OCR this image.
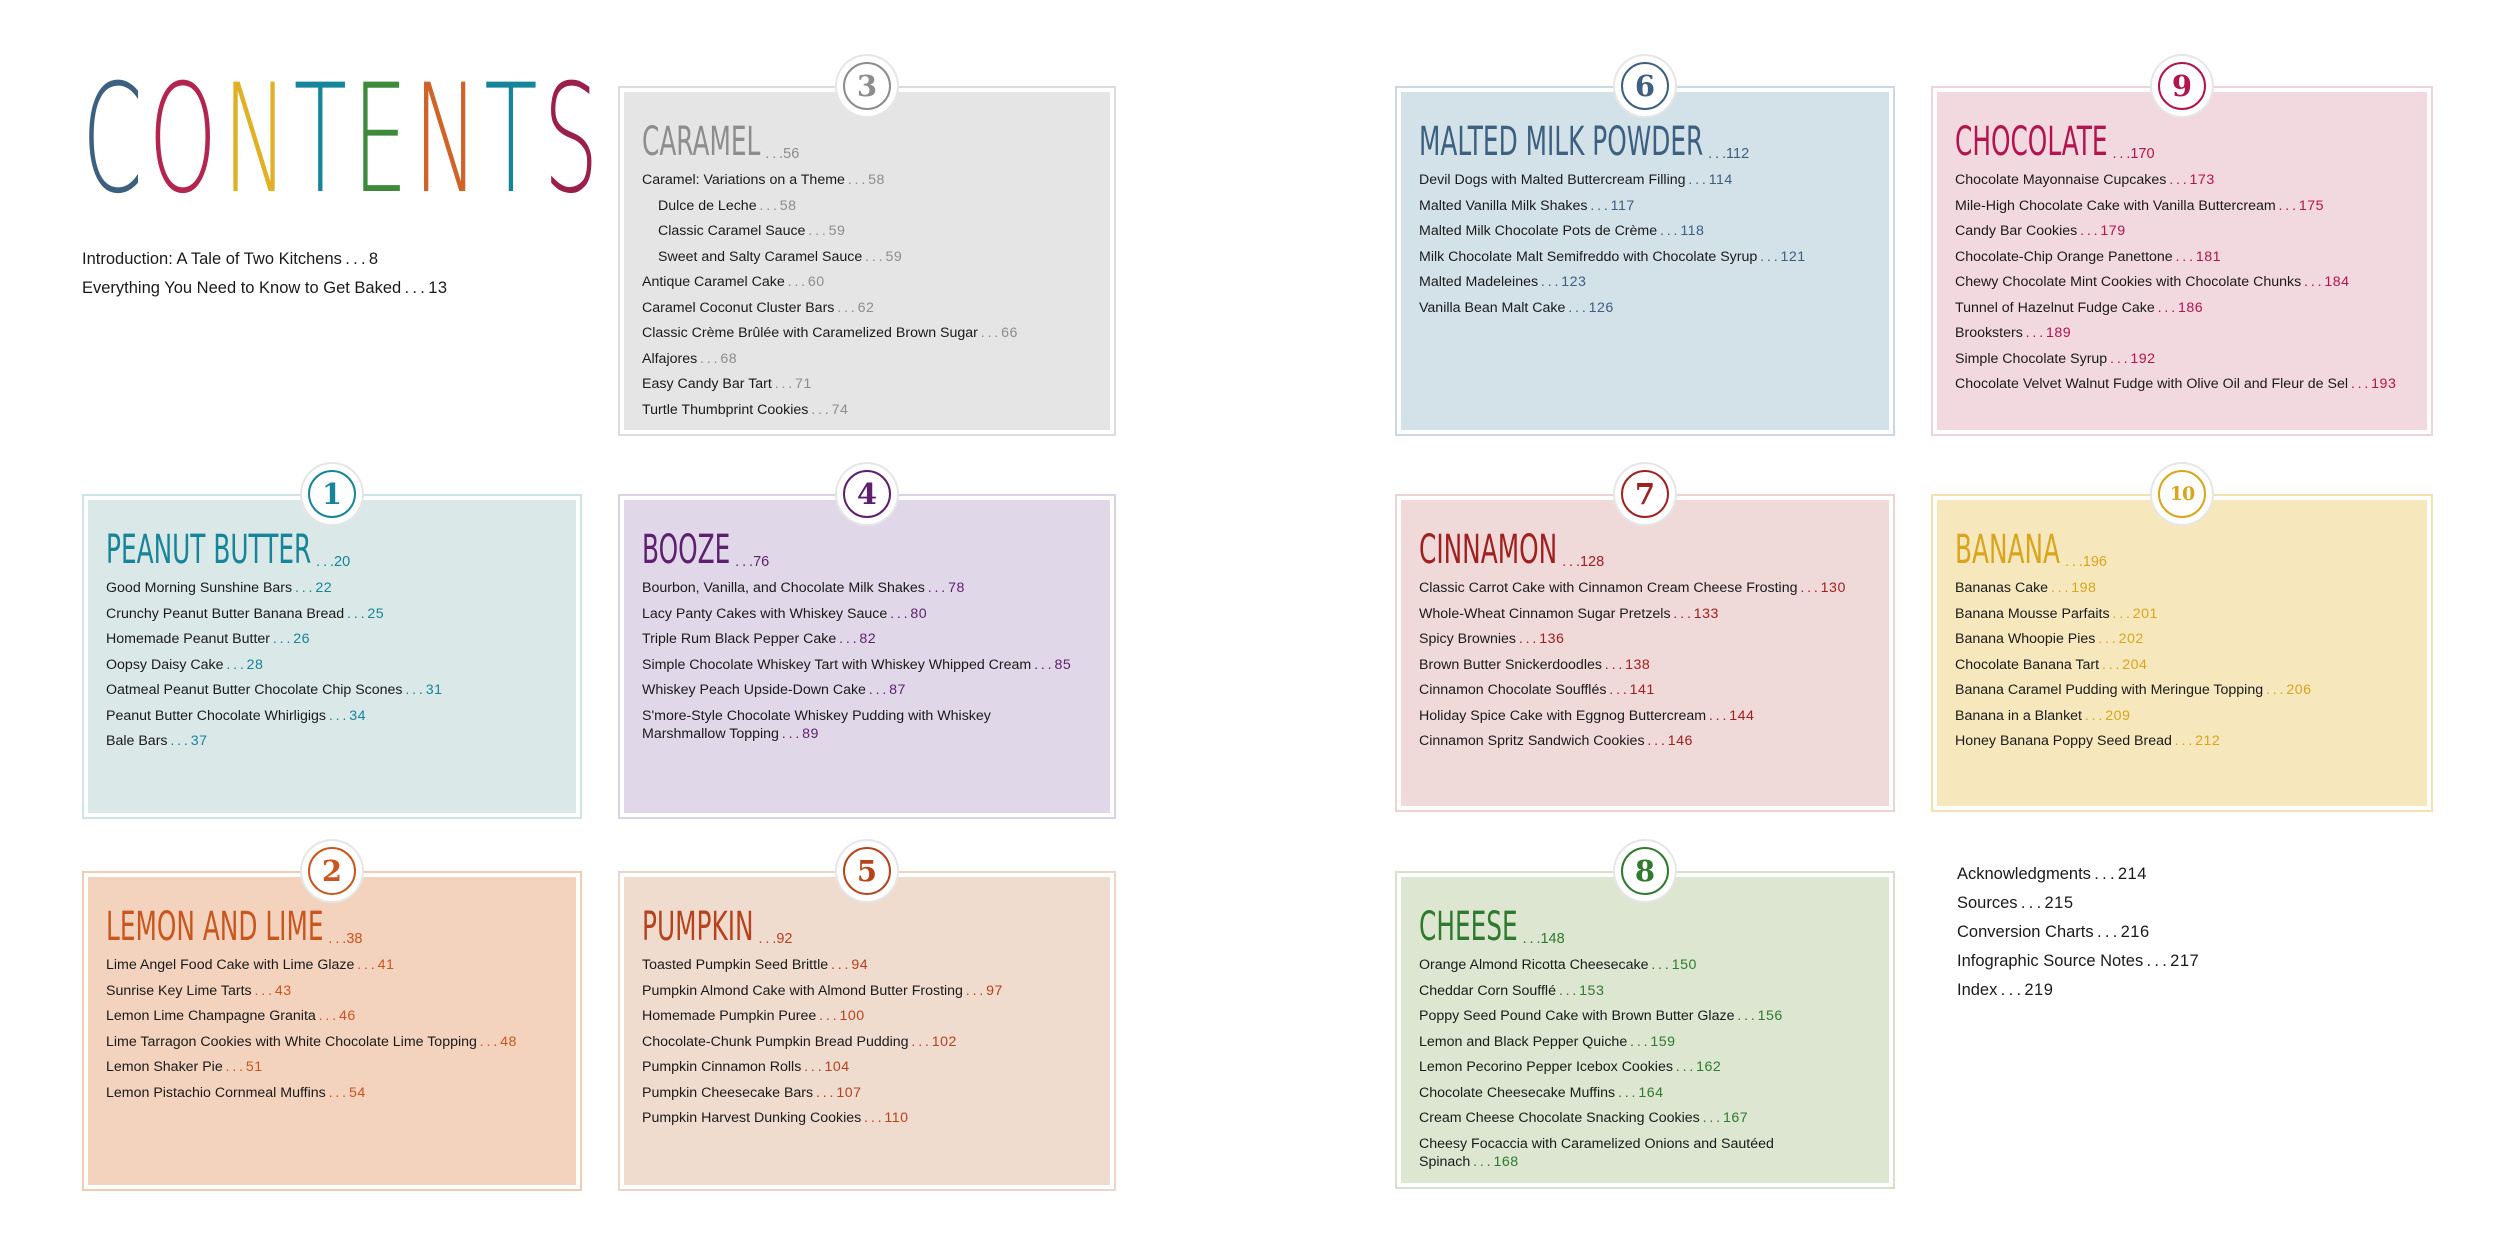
CONTENTS
Introduction: A Tale of Two Kitchens . . . 8
Everything You Need to Know to Get Baked . . . 13
3
CARAMEL  . . .56
Caramel: Variations on a Theme . . . 58
Dulce de Leche . . . 58
Classic Caramel Sauce . . . 59
Sweet and Salty Caramel Sauce . . . 59
Antique Caramel Cake . . . 60
Caramel Coconut Cluster Bars . . . 62
Classic Crème Brûlée with Caramelized Brown Sugar . . . 66
Alfajores . . . 68
Easy Candy Bar Tart . . . 71
Turtle Thumbprint Cookies . . . 74
6
MALTED MILK POWDER  . . .112
Devil Dogs with Malted Buttercream Filling . . . 114
Malted Vanilla Milk Shakes . . . 117
Malted Milk Chocolate Pots de Crème . . . 118
Milk Chocolate Malt Semifreddo with Chocolate Syrup . . . 121
Malted Madeleines . . . 123
Vanilla Bean Malt Cake . . . 126
9
CHOCOLATE  . . .170
Chocolate Mayonnaise Cupcakes . . . 173
Mile-High Chocolate Cake with Vanilla Buttercream . . . 175
Candy Bar Cookies . . . 179
Chocolate-Chip Orange Panettone . . . 181
Chewy Chocolate Mint Cookies with Chocolate Chunks . . . 184
Tunnel of Hazelnut Fudge Cake . . . 186
Brooksters . . . 189
Simple Chocolate Syrup . . . 192
Chocolate Velvet Walnut Fudge with Olive Oil and Fleur de Sel . . . 193
1
PEANUT BUTTER  . . .20
Good Morning Sunshine Bars . . . 22
Crunchy Peanut Butter Banana Bread . . . 25
Homemade Peanut Butter . . . 26
Oopsy Daisy Cake . . . 28
Oatmeal Peanut Butter Chocolate Chip Scones . . . 31
Peanut Butter Chocolate Whirligigs . . . 34
Bale Bars . . . 37
4
BOOZE  . . .76
Bourbon, Vanilla, and Chocolate Milk Shakes . . . 78
Lacy Panty Cakes with Whiskey Sauce . . . 80
Triple Rum Black Pepper Cake . . . 82
Simple Chocolate Whiskey Tart with Whiskey Whipped Cream . . . 85
Whiskey Peach Upside-Down Cake . . . 87
S'more-Style Chocolate Whiskey Pudding with Whiskey Marshmallow Topping . . . 89
7
CINNAMON  . . .128
Classic Carrot Cake with Cinnamon Cream Cheese Frosting . . . 130
Whole-Wheat Cinnamon Sugar Pretzels . . . 133
Spicy Brownies . . . 136
Brown Butter Snickerdoodles . . . 138
Cinnamon Chocolate Soufflés . . . 141
Holiday Spice Cake with Eggnog Buttercream . . . 144
Cinnamon Spritz Sandwich Cookies . . . 146
10
BANANA  . . .196
Bananas Cake . . . 198
Banana Mousse Parfaits . . . 201
Banana Whoopie Pies . . . 202
Chocolate Banana Tart . . . 204
Banana Caramel Pudding with Meringue Topping . . . 206
Banana in a Blanket . . . 209
Honey Banana Poppy Seed Bread . . . 212
2
LEMON AND LIME  . . .38
Lime Angel Food Cake with Lime Glaze . . . 41
Sunrise Key Lime Tarts . . . 43
Lemon Lime Champagne Granita . . . 46
Lime Tarragon Cookies with White Chocolate Lime Topping . . . 48
Lemon Shaker Pie . . . 51
Lemon Pistachio Cornmeal Muffins . . . 54
5
PUMPKIN  . . .92
Toasted Pumpkin Seed Brittle . . . 94
Pumpkin Almond Cake with Almond Butter Frosting . . . 97
Homemade Pumpkin Puree . . . 100
Chocolate-Chunk Pumpkin Bread Pudding . . . 102
Pumpkin Cinnamon Rolls . . . 104
Pumpkin Cheesecake Bars . . . 107
Pumpkin Harvest Dunking Cookies . . . 110
8
CHEESE  . . .148
Orange Almond Ricotta Cheesecake . . . 150
Cheddar Corn Soufflé . . . 153
Poppy Seed Pound Cake with Brown Butter Glaze . . . 156
Lemon and Black Pepper Quiche . . . 159
Lemon Pecorino Pepper Icebox Cookies . . . 162
Chocolate Cheesecake Muffins . . . 164
Cream Cheese Chocolate Snacking Cookies . . . 167
Cheesy Focaccia with Caramelized Onions and Sautéed Spinach . . . 168
Acknowledgments . . . 214
Sources . . . 215
Conversion Charts . . . 216
Infographic Source Notes . . . 217
Index . . . 219
